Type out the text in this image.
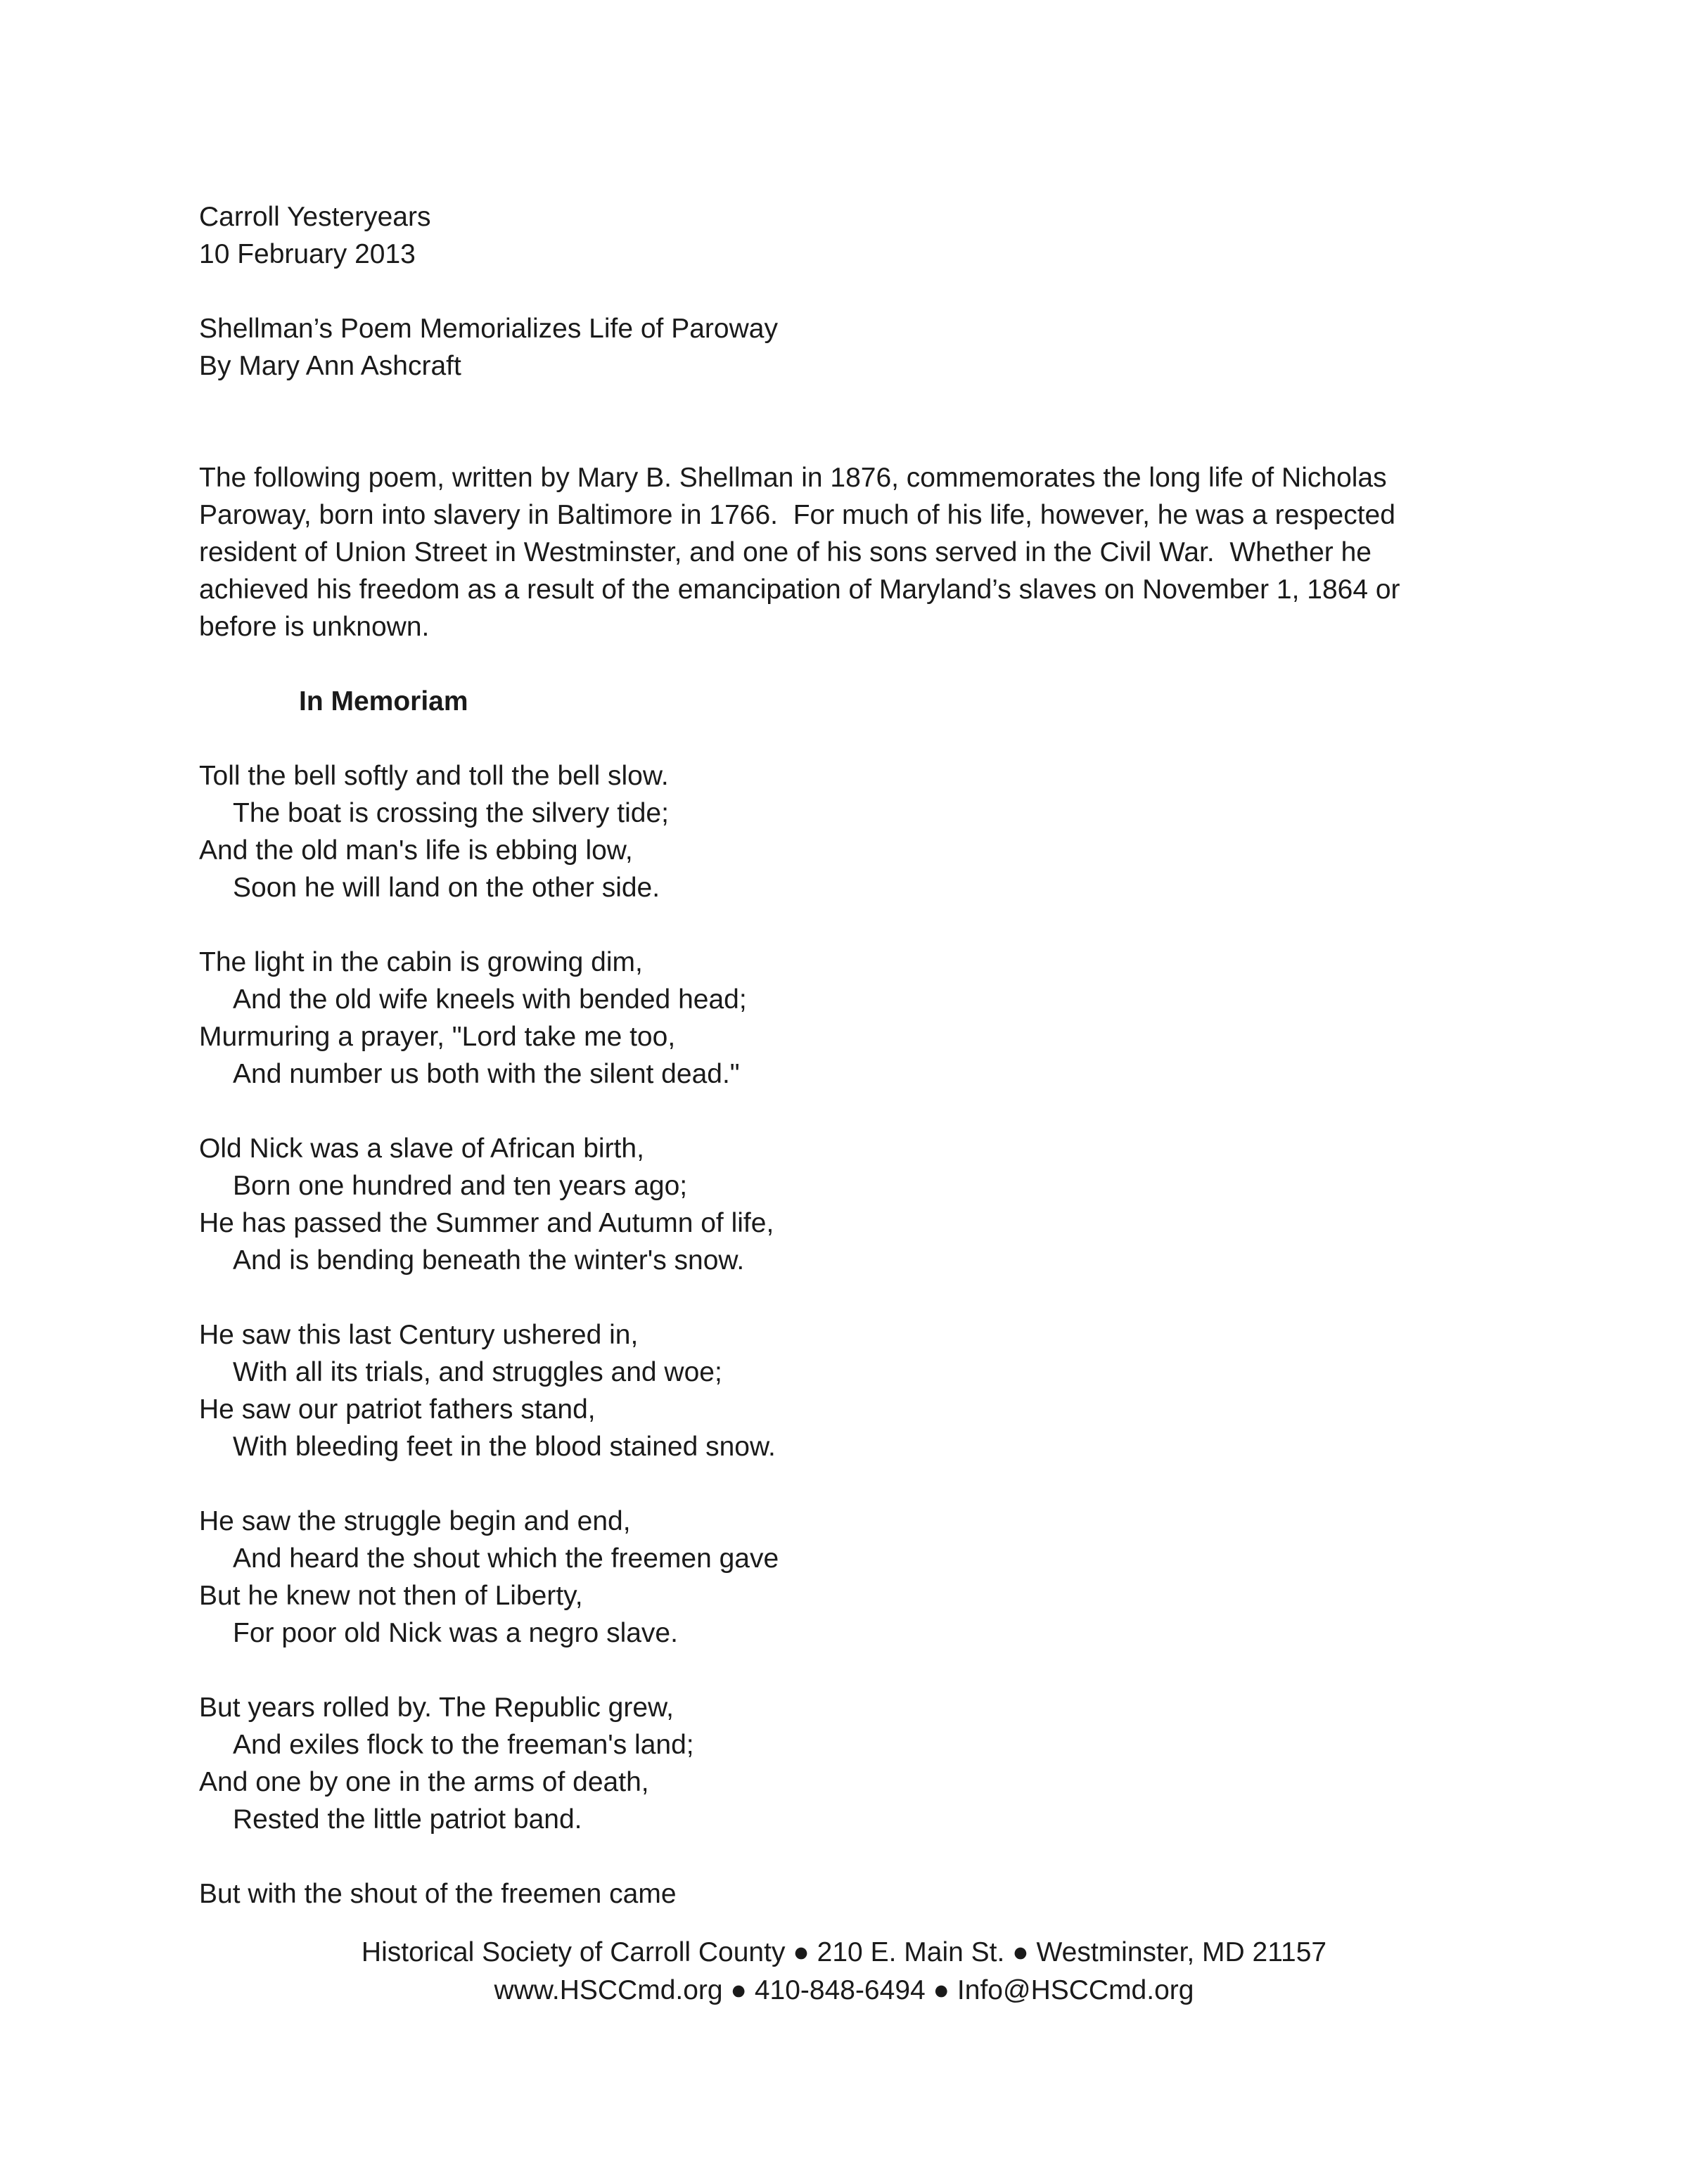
Carroll Yesteryears
10 February 2013
Shellman’s Poem Memorializes Life of Paroway
By Mary Ann Ashcraft
The following poem, written by Mary B. Shellman in 1876, commemorates the long life of Nicholas
Paroway, born into slavery in Baltimore in 1766.  For much of his life, however, he was a respected
resident of Union Street in Westminster, and one of his sons served in the Civil War.  Whether he
achieved his freedom as a result of the emancipation of Maryland’s slaves on November 1, 1864 or
before is unknown.
In Memoriam
Toll the bell softly and toll the bell slow.
The boat is crossing the silvery tide;
And the old man's life is ebbing low,
Soon he will land on the other side.
The light in the cabin is growing dim,
And the old wife kneels with bended head;
Murmuring a prayer, "Lord take me too,
And number us both with the silent dead."
Old Nick was a slave of African birth,
Born one hundred and ten years ago;
He has passed the Summer and Autumn of life,
And is bending beneath the winter's snow.
He saw this last Century ushered in,
With all its trials, and struggles and woe;
He saw our patriot fathers stand,
With bleeding feet in the blood stained snow.
He saw the struggle begin and end,
And heard the shout which the freemen gave
But he knew not then of Liberty,
For poor old Nick was a negro slave.
But years rolled by. The Republic grew,
And exiles flock to the freeman's land;
And one by one in the arms of death,
Rested the little patriot band.
But with the shout of the freemen came
Historical Society of Carroll County ● 210 E. Main St. ● Westminster, MD 21157
www.HSCCmd.org ● 410-848-6494 ● Info@HSCCmd.org
